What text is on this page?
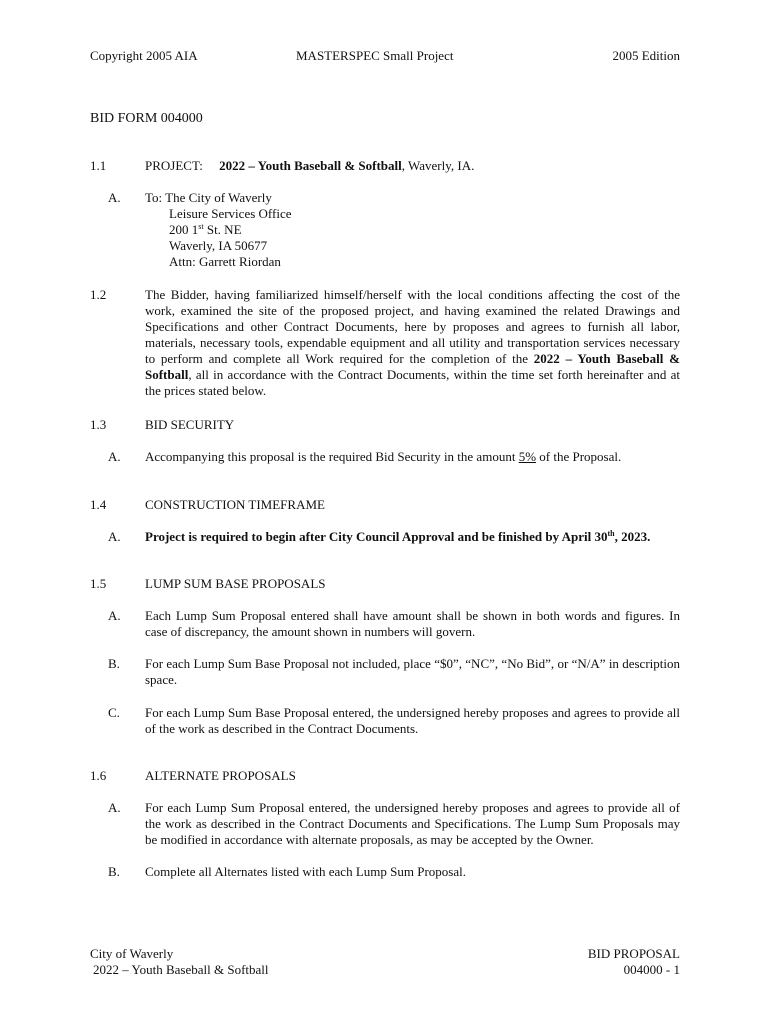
Copyright 2005 AIA	MASTERSPEC Small Project	2005 Edition
BID FORM 004000
1.1	PROJECT: 2022 – Youth Baseball & Softball, Waverly, IA.
A. To: The City of Waverly
Leisure Services Office
200 1st St. NE
Waverly, IA 50677
Attn: Garrett Riordan
1.2	The Bidder, having familiarized himself/herself with the local conditions affecting the cost of the work, examined the site of the proposed project, and having examined the related Drawings and Specifications and other Contract Documents, here by proposes and agrees to furnish all labor, materials, necessary tools, expendable equipment and all utility and transportation services necessary to perform and complete all Work required for the completion of the 2022 – Youth Baseball & Softball, all in accordance with the Contract Documents, within the time set forth hereinafter and at the prices stated below.
1.3	BID SECURITY
A. Accompanying this proposal is the required Bid Security in the amount 5% of the Proposal.
1.4	CONSTRUCTION TIMEFRAME
A. Project is required to begin after City Council Approval and be finished by April 30th, 2023.
1.5	LUMP SUM BASE PROPOSALS
A. Each Lump Sum Proposal entered shall have amount shall be shown in both words and figures. In case of discrepancy, the amount shown in numbers will govern.
B. For each Lump Sum Base Proposal not included, place “$0”, “NC”, “No Bid”, or “N/A” in description space.
C. For each Lump Sum Base Proposal entered, the undersigned hereby proposes and agrees to provide all of the work as described in the Contract Documents.
1.6	ALTERNATE PROPOSALS
A. For each Lump Sum Proposal entered, the undersigned hereby proposes and agrees to provide all of the work as described in the Contract Documents and Specifications. The Lump Sum Proposals may be modified in accordance with alternate proposals, as may be accepted by the Owner.
B. Complete all Alternates listed with each Lump Sum Proposal.
City of Waverly
2022 – Youth Baseball & Softball
BID PROPOSAL
004000 - 1
